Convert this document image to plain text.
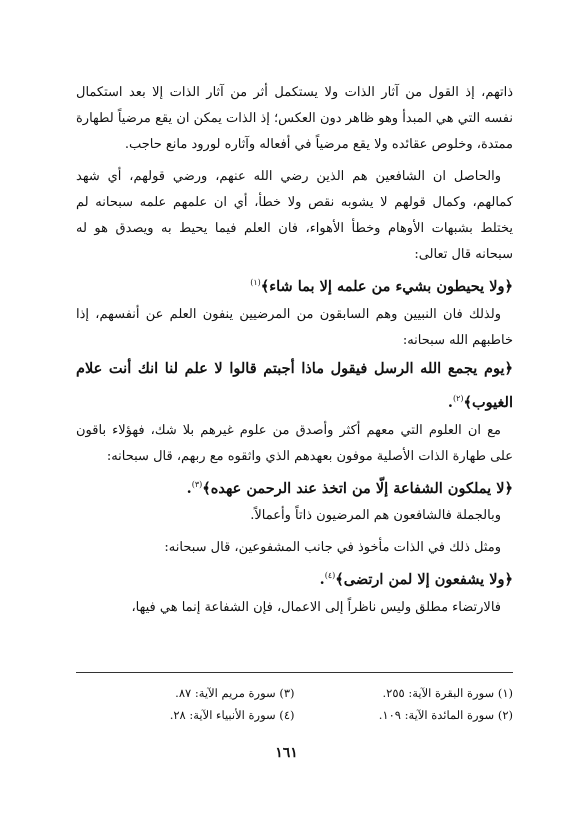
ذاتهم، إذ القول من آثار الذات ولا يستكمل أثر من آثار الذات إلا بعد استكمال نفسه التي هي المبدأ وهو ظاهر دون العكس؛ إذ الذات يمكن ان يقع مرضياً لطهارة ممتدة، وخلوص عقائده ولا يقع مرضياً في أفعاله وآثاره لورود مانع حاجب.

والحاصل ان الشافعين هم الذين رضي الله عنهم، ورضي قولهم، أي شهد كمالهم، وكمال قولهم لا يشوبه نقص ولا خطأ، أي ان علمهم علمه سبحانه لم يختلط بشبهات الأوهام وخطأ الأهواء، فان العلم فيما يحيط به ويصدق هو له سبحانه قال تعالى:

﴿ولا يحيطون بشيء من علمه إلا بما شاء﴾$^{(١)}$

ولذلك فان النبيين وهم السابقون من المرضيين ينفون العلم عن أنفسهم، إذا خاطبهم الله سبحانه:

﴿يوم يجمع الله الرسل فيقول ماذا أجبتم قالوا لا علم لنا انك أنت علام الغيوب﴾$^{(٢)}$.

مع ان العلوم التي معهم أكثر وأصدق من علوم غيرهم بلا شك، فهؤلاء باقون على طهارة الذات الأصلية موفون بعهدهم الذي واثقوه مع ربهم، قال سبحانه:

﴿لا يملكون الشفاعة إلّا من اتخذ عند الرحمن عهده﴾$^{(٣)}$.

وبالجملة فالشافعون هم المرضيون ذاتاً وأعمالاً.

ومثل ذلك في الذات مأخوذ في جانب المشفوعين، قال سبحانه:

﴿ولا يشفعون إلا لمن ارتضى﴾$^{(٤)}$.

فالارتضاء مطلق وليس ناظراً إلى الاعمال، فإن الشفاعة إنما هي فيها،

(١) سورة البقرة الآية: ٢٥٥.
(٣) سورة مريم الآية: ٨٧.
(٢) سورة المائدة الآية: ١٠٩.
(٤) سورة الأنبياء الآية: ٢٨.
١٦١
